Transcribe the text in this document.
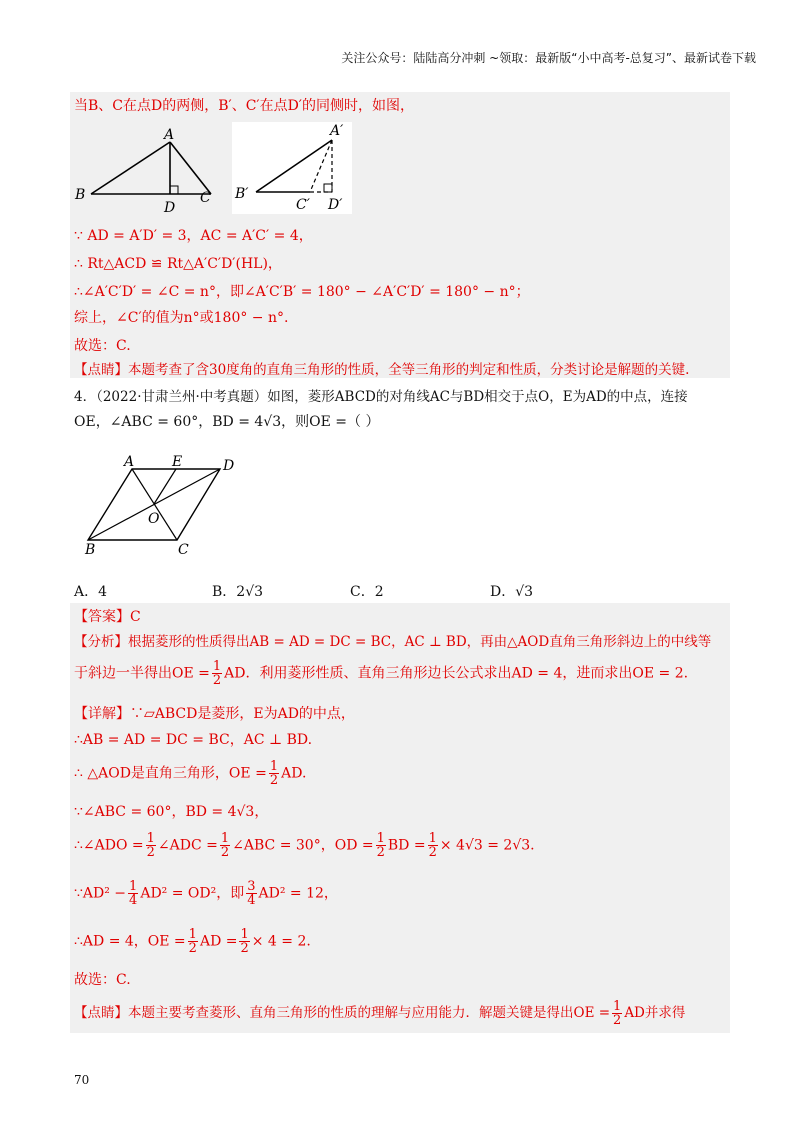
关注公众号：陆陆高分冲刺 ~领取：最新版“小中高考-总复习”、最新试卷下载
当B、C在点D的两侧，B′、C′在点D′的同侧时，如图，
A
B	C
D
A′
B′
C′ D′
∵ AD = A′D′ = 3，AC = A′C′ = 4，
∴ Rt△ACD ≌ Rt△A′C′D′(HL)，
∴∠A′C′D′ = ∠C = n°，即∠A′C′B′ = 180° − ∠A′C′D′ = 180° − n°；
综上，∠C′的值为n°或180° − n°.
故选：C.
【点睛】本题考查了含30度角的直角三角形的性质，全等三角形的判定和性质，分类讨论是解题的关键.
4．（2022·甘肃兰州·中考真题）如图，菱形ABCD的对角线AC与BD相交于点O，E为AD的中点，连接
OE，∠ABC = 60°，BD = 4√3，则OE =（ ）
A	E	D
O
B	C
A．4	B．2√3	C．2	D．√3
【答案】C
【分析】根据菱形的性质得出AB = AD = DC = BC，AC ⊥ BD，再由△AOD直角三角形斜边上的中线等
于斜边一半得出OE = $\frac{1}{2}$ AD．利用菱形性质、直角三角形边长公式求出AD = 4，进而求出OE = 2.
【详解】∵▱ABCD是菱形，E为AD的中点，
∴AB = AD = DC = BC，AC ⊥ BD.
∴ △AOD是直角三角形，OE = $\frac{1}{2}$ AD.
∵∠ABC = 60°，BD = 4√3，
∴∠ADO = $\frac{1}{2}$ ∠ADC = $\frac{1}{2}$ ∠ABC = 30°，OD = $\frac{1}{2}$ BD = $\frac{1}{2} \times 4√3 = 2√3$.
∵AD² − $\frac{1}{4} AD^2 = OD^2$，即 $\frac{3}{4} AD^2 = 12$，
∴AD = 4，OE = $\frac{1}{2}$ AD = $\frac{1}{2} \times 4 = 2$.
故选：C.
【点睛】本题主要考查菱形、直角三角形的性质的理解与应用能力．解题关键是得出OE = $\frac{1}{2}$ AD并求得
70
